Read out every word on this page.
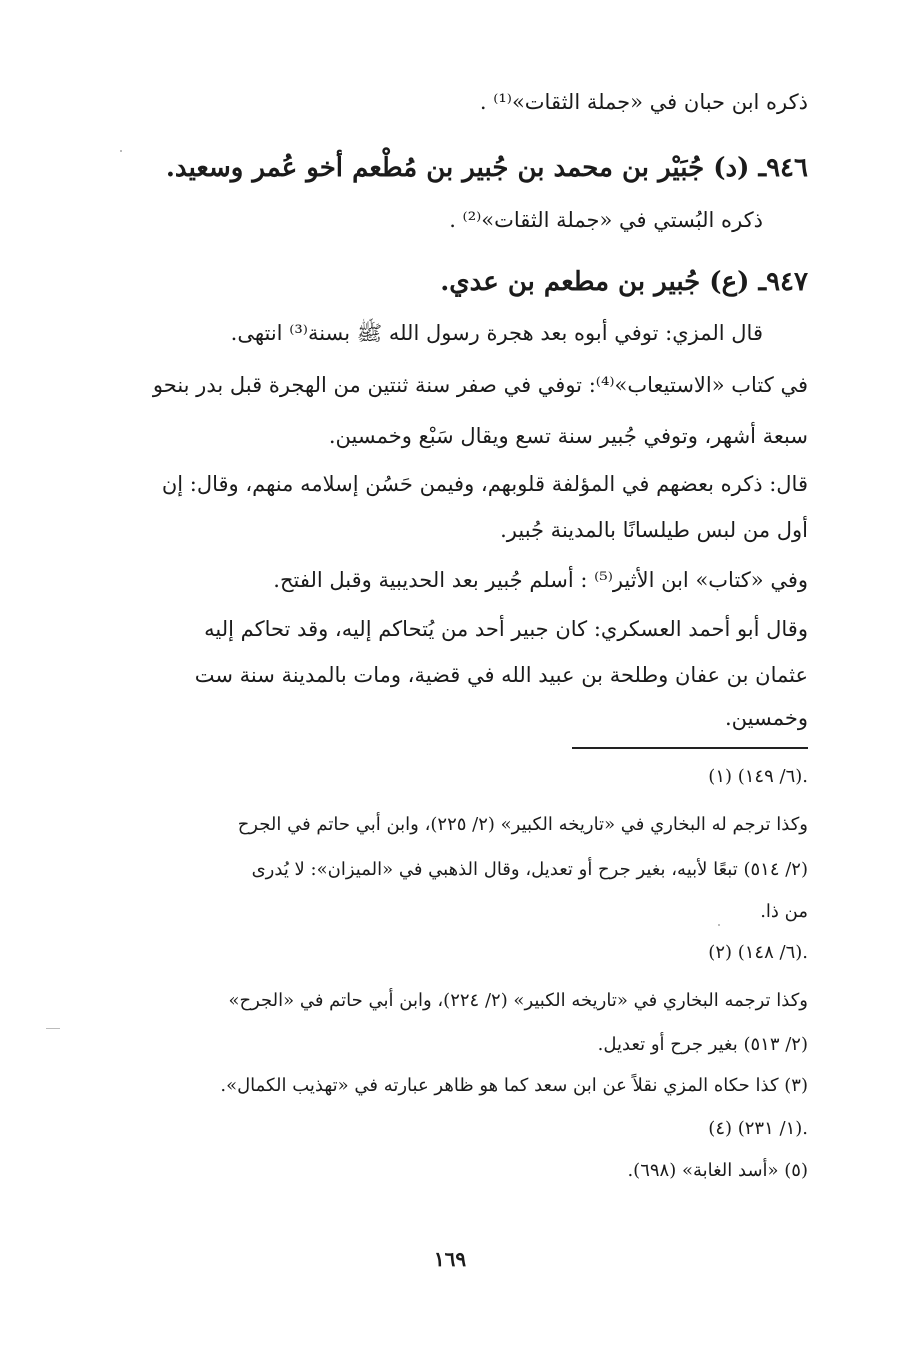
ذكره ابن حبان في «جملة الثقات»⁽¹⁾ .
٩٤٦ـ (د) جُبَيْر بن محمد بن جُبير بن مُطْعم أخو عُمر وسعيد.
ذكره البُستي في «جملة الثقات»⁽²⁾ .
٩٤٧ـ (ع) جُبير بن مطعم بن عدي.
قال المزي: توفي أبوه بعد هجرة رسول الله ﷺ بسنة⁽³⁾ انتهى.
في كتاب «الاستيعاب»⁽⁴⁾: توفي في صفر سنة ثنتين من الهجرة قبل بدر بنحو
سبعة أشهر، وتوفي جُبير سنة تسع ويقال سَبْع وخمسين.
قال: ذكره بعضهم في المؤلفة قلوبهم، وفيمن حَسُن إسلامه منهم، وقال: إن
أول من لبس طيلسانًا بالمدينة جُبير.
وفي «كتاب» ابن الأثير⁽⁵⁾ : أسلم جُبير بعد الحديبية وقبل الفتح.
وقال أبو أحمد العسكري: كان جبير أحد من يُتحاكم إليه، وقد تحاكم إليه
عثمان بن عفان وطلحة بن عبيد الله في قضية، ومات بالمدينة سنة ست
وخمسين.
(١) (٦/ ١٤٩).
وكذا ترجم له البخاري في «تاريخه الكبير» (٢/ ٢٢٥)، وابن أبي حاتم في الجرح
(٢/ ٥١٤) تبعًا لأبيه، بغير جرح أو تعديل، وقال الذهبي في «الميزان»: لا يُدرى
من ذا.
(٢) (٦/ ١٤٨).
وكذا ترجمه البخاري في «تاريخه الكبير» (٢/ ٢٢٤)، وابن أبي حاتم في «الجرح»
(٢/ ٥١٣) بغير جرح أو تعديل.
(٣) كذا حكاه المزي نقلاً عن ابن سعد كما هو ظاهر عبارته في «تهذيب الكمال».
(٤) (١/ ٢٣١).
(٥) «أسد الغابة» (٦٩٨).
١٦٩
